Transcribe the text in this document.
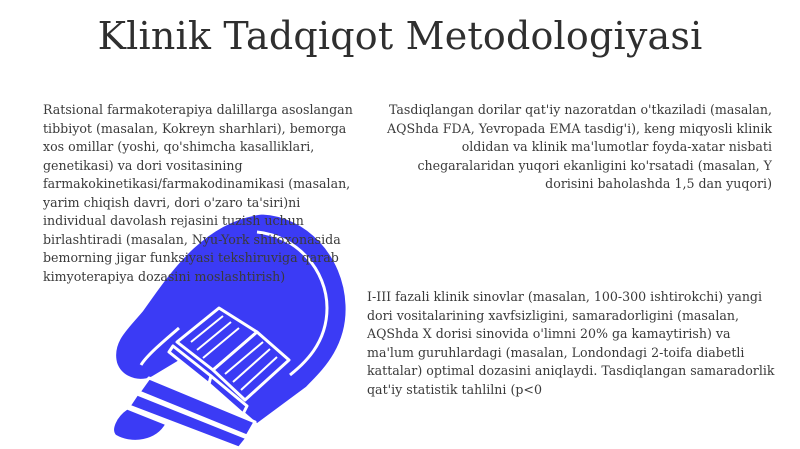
Klinik Tadqiqot Metodologiyasi

Ratsional farmakoterapiya dalillarga asoslangan tibbiyot (masalan, Kokreyn sharhlari), bemorga xos omillar (yoshi, qo'shimcha kasalliklari, genetikasi) va dori vositasining farmakokinetikasi/farmakodinamikasi (masalan, yarim chiqish davri, dori o'zaro ta'siri)ni individual davolash rejasini tuzish uchun birlashtiradi (masalan, Nyu-York shifoxonasida bemorning jigar funksiyasi tekshiruviga qarab kimyoterapiya dozasini moslashtirish)

Tasdiqlangan dorilar qat'iy nazoratdan o'tkaziladi (masalan, AQShda FDA, Yevropada EMA tasdig'i), keng miqyosli klinik oldidan va klinik ma'lumotlar foyda-xatar nisbati chegaralaridan yuqori ekanligini ko'rsatadi (masalan, Y dorisini baholashda 1,5 dan yuqori)

I-III fazali klinik sinovlar (masalan, 100-300 ishtirokchi) yangi dori vositalarining xavfsizligini, samaradorligini (masalan, AQShda X dorisi sinovida o'limni 20% ga kamaytirish) va ma'lum guruhlardagi (masalan, Londondagi 2-toifa diabetli kattalar) optimal dozasini aniqlaydi. Tasdiqlangan samaradorlik qat'iy statistik tahlilni (p<0
